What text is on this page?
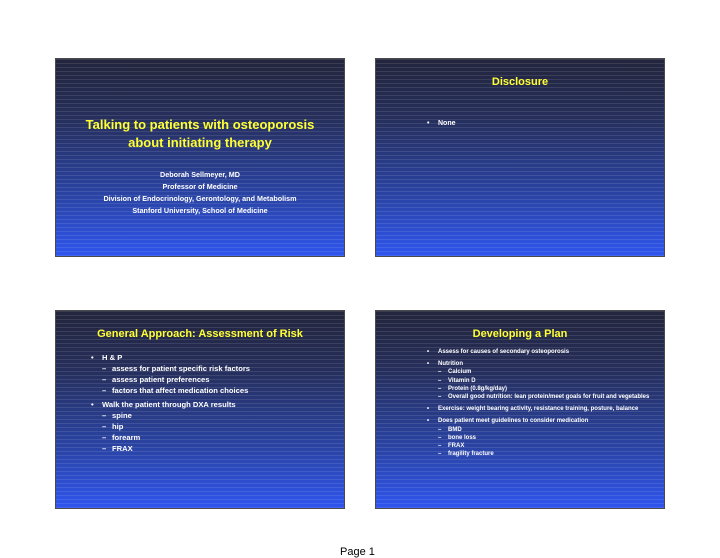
Talking to patients with osteoporosis
about initiating therapy
Deborah Sellmeyer, MD
Professor of Medicine
Division of Endocrinology, Gerontology, and Metabolism
Stanford University, School of Medicine
Disclosure
• None
General Approach: Assessment of Risk
• H & P
– assess for patient specific risk factors
– assess patient preferences
– factors that affect medication choices
• Walk the patient through DXA results
– spine
– hip
– forearm
– FRAX
Developing a Plan
• Assess for causes of secondary osteoporosis
• Nutrition
– Calcium
– Vitamin D
– Protein (0.8g/kg/day)
– Overall good nutrition: lean protein/meet goals for fruit and vegetables
• Exercise: weight bearing activity, resistance training, posture, balance
• Does patient meet guidelines to consider medication
– BMD
– bone loss
– FRAX
– fragility fracture
Page 1
